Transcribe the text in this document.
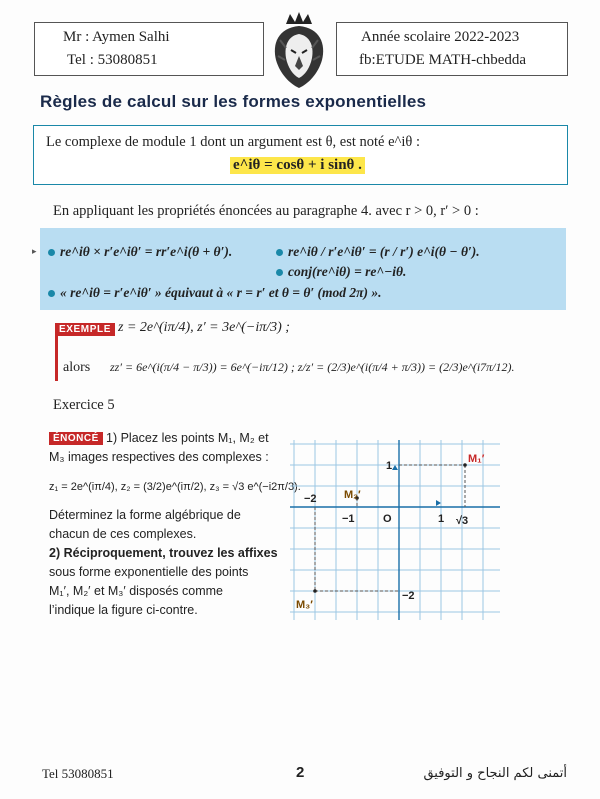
Mr : Aymen Salhi
Tel : 53080851
Année scolaire 2022-2023
fb:ETUDE MATH-chbedda
Règles de calcul sur les formes exponentielles
Le complexe de module 1 dont un argument est θ, est noté e^iθ :
e^iθ = cosθ + i sinθ .
En appliquant les propriétés énoncées au paragraphe 4. avec r > 0, r′ > 0 :
▸	re^iθ × r′e^iθ′ = rr′e^i(θ + θ′).	re^iθ / r′e^iθ′ = (r / r′) e^i(θ − θ′).
conj(re^iθ) = re^−iθ.
« re^iθ = r′e^iθ′ » équivaut à « r = r′ et θ = θ′ (mod 2π) ».
EXEMPLE z = 2e^(iπ/4), z′ = 3e^(−iπ/3) ;
alors zz′ = 6e^(i(π/4 − π/3)) = 6e^(−iπ/12) ; z/z′ = (2/3)e^(i(π/4 + π/3)) = (2/3)e^(i7π/12).
Exercice 5
ÉNONCÉ 1) Placez les points M₁, M₂ et
M₃ images respectives des complexes :
z₁ = 2e^(iπ/4), z₂ = (3/2)e^(iπ/2), z₃ = √3 e^(−i2π/3).
Déterminez la forme algébrique de
chacun de ces complexes.
2) Réciproquement, trouvez les affixes
sous forme exponentielle des points
M₁′, M₂′ et M₃′ disposés comme
l’indique la figure ci-contre.
M₁′
M₂′
M₃′
−2
−1	O	1 √3
1
−2
Tel 53080851	2	أتمنى لكم النجاح و التوفيق
